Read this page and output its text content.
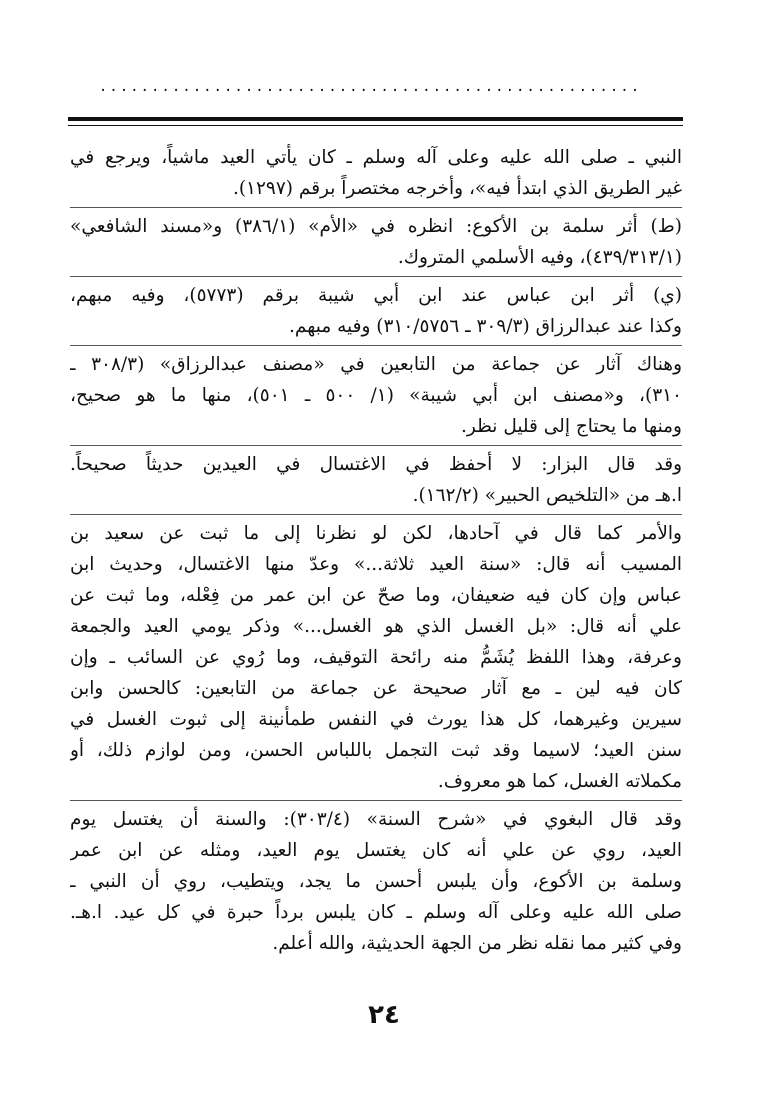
....................................................
النبي ـ صلى الله عليه وعلى آله وسلم ـ كان يأتي العيد ماشياً، ويرجع في
غير الطريق الذي ابتدأ فيه»، وأخرجه مختصراً برقم (١٢٩٧).
(ط) أثر سلمة بن الأكوع: انظره في «الأم» (٣٨٦/١) و«مسند الشافعي»
(٤٣٩/٣١٣/١)، وفيه الأسلمي المتروك.
(ي) أثر ابن عباس عند ابن أبي شيبة برقم (٥٧٧٣)، وفيه مبهم،
وكذا عند عبدالرزاق (٣٠٩/٣ ـ ٣١٠/٥٧٥٦) وفيه مبهم.
وهناك آثار عن جماعة من التابعين في «مصنف عبدالرزاق» (٣٠٨/٣ ـ
٣١٠)، و«مصنف ابن أبي شيبة» (١/ ٥٠٠ ـ ٥٠١)، منها ما هو صحيح،
ومنها ما يحتاج إلى قليل نظر.
وقد قال البزار: لا أحفظ في الاغتسال في العيدين حديثاً صحيحاً.
ا.هـ من «التلخيص الحبير» (١٦٢/٢).
والأمر كما قال في آحادها، لكن لو نظرنا إلى ما ثبت عن سعيد بن
المسيب أنه قال: «سنة العيد ثلاثة...» وعدّ منها الاغتسال، وحديث ابن
عباس وإن كان فيه ضعيفان، وما صحّ عن ابن عمر من فِعْله، وما ثبت عن
علي أنه قال: «بل الغسل الذي هو الغسل...» وذكر يومي العيد والجمعة
وعرفة، وهذا اللفظ يُشَمُّ منه رائحة التوقيف، وما رُوي عن السائب ـ وإن
كان فيه لين ـ مع آثار صحيحة عن جماعة من التابعين: كالحسن وابن
سيرين وغيرهما، كل هذا يورث في النفس طمأنينة إلى ثبوت الغسل في
سنن العيد؛ لاسيما وقد ثبت التجمل باللباس الحسن، ومن لوازم ذلك، أو
مكملاته الغسل، كما هو معروف.
وقد قال البغوي في «شرح السنة» (٣٠٣/٤): والسنة أن يغتسل يوم
العيد، روي عن علي أنه كان يغتسل يوم العيد، ومثله عن ابن عمر
وسلمة بن الأكوع، وأن يلبس أحسن ما يجد، ويتطيب، روي أن النبي ـ
صلى الله عليه وعلى آله وسلم ـ كان يلبس برداً حبرة في كل عيد. ا.هـ.
وفي كثير مما نقله نظر من الجهة الحديثية، والله أعلم.
٢٤
